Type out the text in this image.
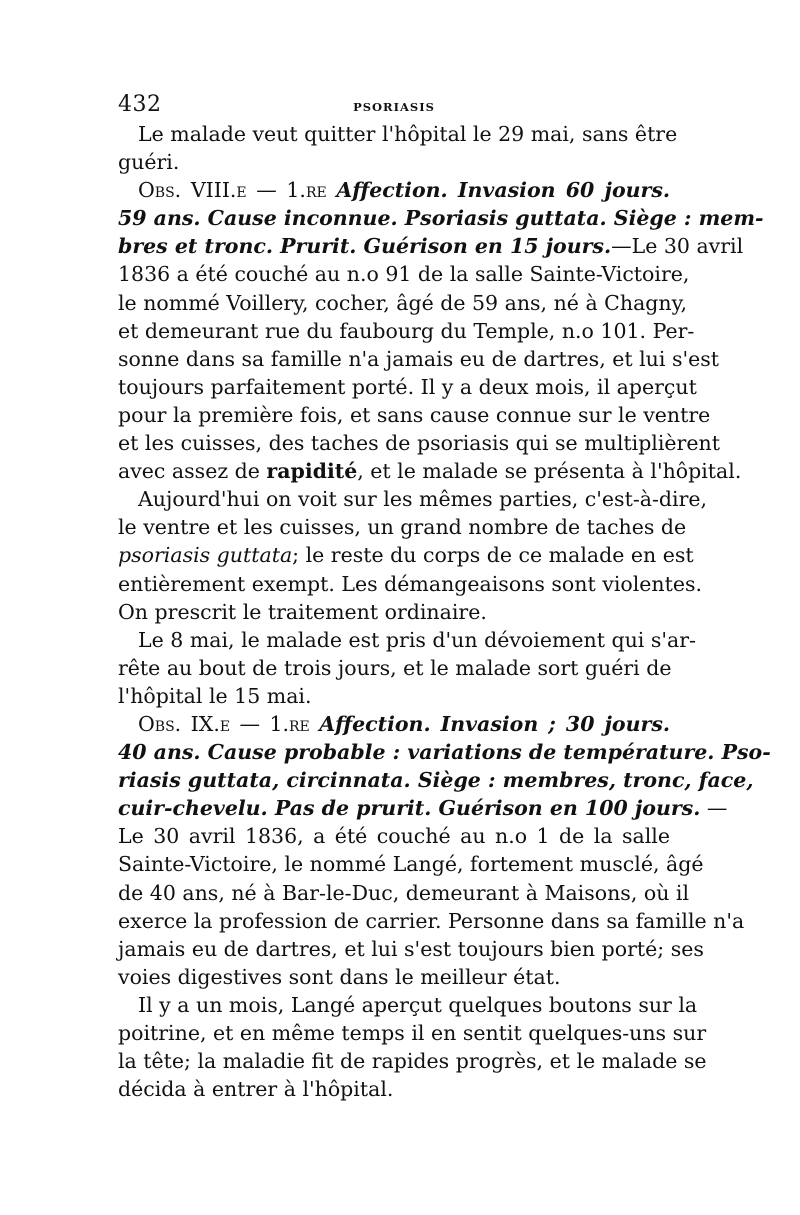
432	PSORIASIS
Le malade veut quitter l'hôpital le 29 mai, sans être
guéri.
Obs. VIII.e — 1.re Affection. Invasion 60 jours.
59 ans. Cause inconnue. Psoriasis guttata. Siège : mem-
bres et tronc. Prurit. Guérison en 15 jours.—Le 30 avril
1836 a été couché au n.o 91 de la salle Sainte-Victoire,
le nommé Voillery, cocher, âgé de 59 ans, né à Chagny,
et demeurant rue du faubourg du Temple, n.o 101. Per-
sonne dans sa famille n'a jamais eu de dartres, et lui s'est
toujours parfaitement porté. Il y a deux mois, il aperçut
pour la première fois, et sans cause connue sur le ventre
et les cuisses, des taches de psoriasis qui se multiplièrent
avec assez de rapidité, et le malade se présenta à l'hôpital.
Aujourd'hui on voit sur les mêmes parties, c'est-à-dire,
le ventre et les cuisses, un grand nombre de taches de
psoriasis guttata; le reste du corps de ce malade en est
entièrement exempt. Les démangeaisons sont violentes.
On prescrit le traitement ordinaire.
Le 8 mai, le malade est pris d'un dévoiement qui s'ar-
rête au bout de trois jours, et le malade sort guéri de
l'hôpital le 15 mai.
Obs. IX.e — 1.re Affection. Invasion ; 30 jours.
40 ans. Cause probable : variations de température. Pso-
riasis guttata, circinnata. Siège : membres, tronc, face,
cuir-chevelu. Pas de prurit. Guérison en 100 jours. —
Le 30 avril 1836, a été couché au n.o 1 de la salle
Sainte-Victoire, le nommé Langé, fortement musclé, âgé
de 40 ans, né à Bar-le-Duc, demeurant à Maisons, où il
exerce la profession de carrier. Personne dans sa famille n'a
jamais eu de dartres, et lui s'est toujours bien porté; ses
voies digestives sont dans le meilleur état.
Il y a un mois, Langé aperçut quelques boutons sur la
poitrine, et en même temps il en sentit quelques-uns sur
la tête; la maladie fit de rapides progrès, et le malade se
décida à entrer à l'hôpital.
